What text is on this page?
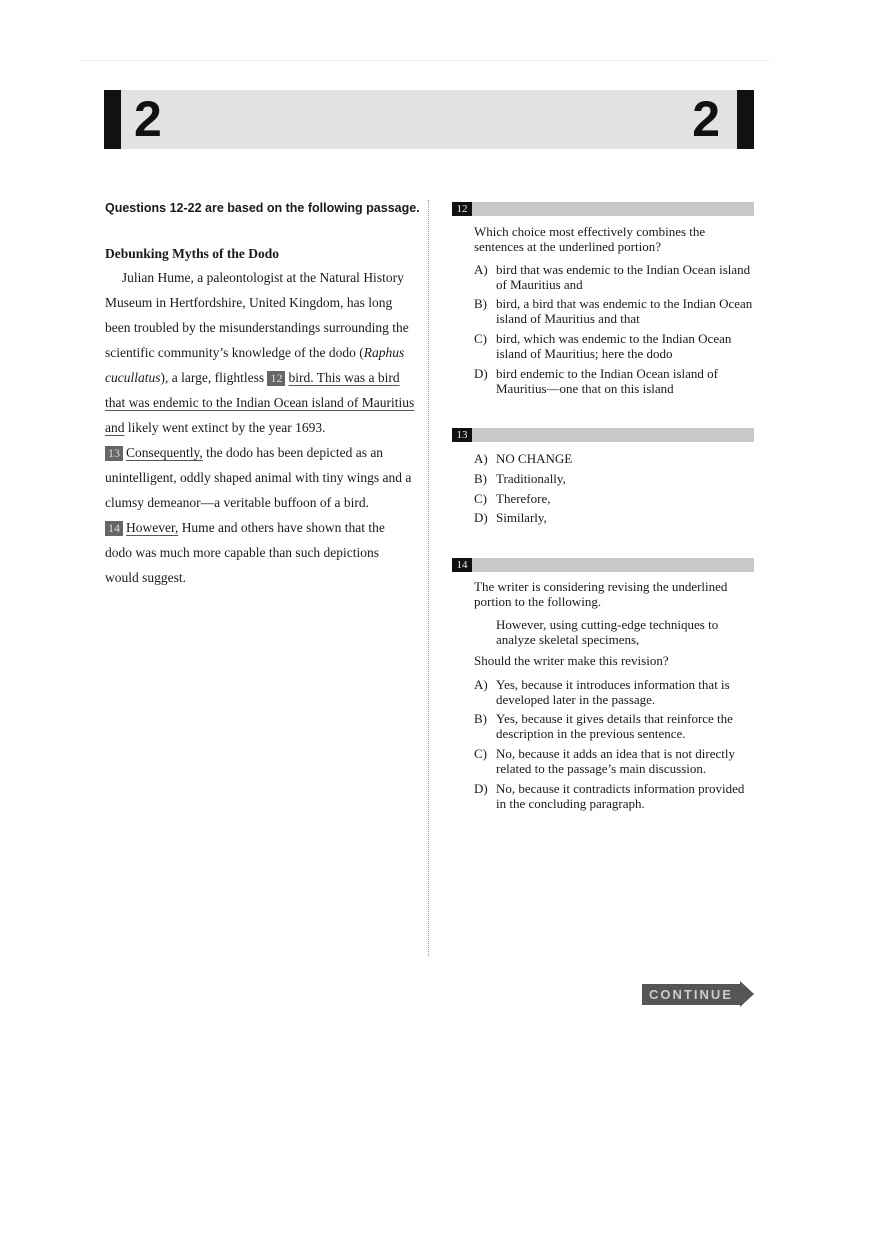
2	2
Questions 12-22 are based on the following passage.
Debunking Myths of the Dodo
  Julian Hume, a paleontologist at the Natural History
Museum in Hertfordshire, United Kingdom, has long
been troubled by the misunderstandings surrounding the
scientific community’s knowledge of the dodo (Raphus
cucullatus), a large, flightless 12 bird. This was a bird
that was endemic to the Indian Ocean island of Mauritius
and likely went extinct by the year 1693.
13 Consequently, the dodo has been depicted as an
unintelligent, oddly shaped animal with tiny wings and a
clumsy demeanor—a veritable buffoon of a bird.
14 However, Hume and others have shown that the
dodo was much more capable than such depictions
would suggest.
12
Which choice most effectively combines the sentences at the underlined portion?
A) bird that was endemic to the Indian Ocean island of Mauritius and
B) bird, a bird that was endemic to the Indian Ocean island of Mauritius and that
C) bird, which was endemic to the Indian Ocean island of Mauritius; here the dodo
D) bird endemic to the Indian Ocean island of Mauritius—one that on this island
13
A) NO CHANGE
B) Traditionally,
C) Therefore,
D) Similarly,
14
The writer is considering revising the underlined portion to the following.
However, using cutting-edge techniques to analyze skeletal specimens,
Should the writer make this revision?
A) Yes, because it introduces information that is developed later in the passage.
B) Yes, because it gives details that reinforce the description in the previous sentence.
C) No, because it adds an idea that is not directly related to the passage’s main discussion.
D) No, because it contradicts information provided in the concluding paragraph.
CONTINUE
